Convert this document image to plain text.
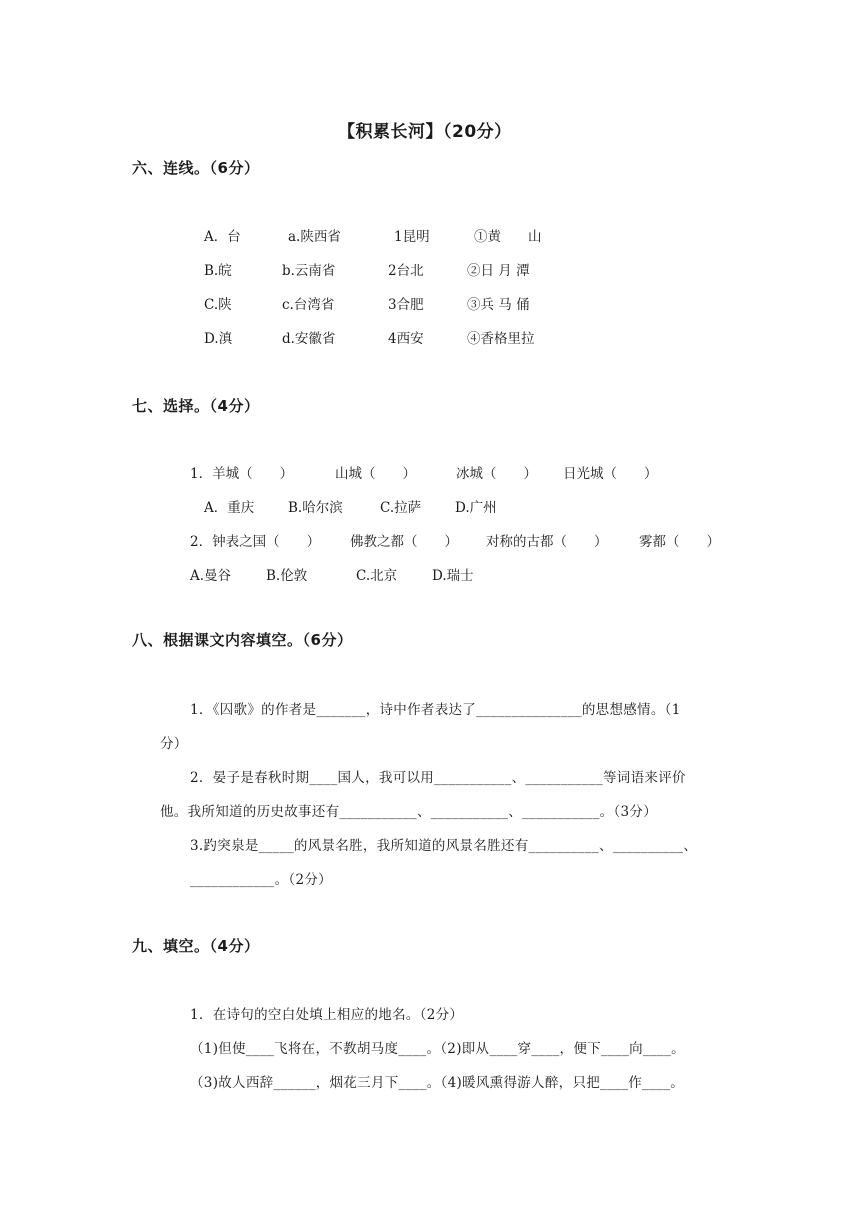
【积累长河】（20分）
六、连线。（6分）
A．台	a.陕西省	1昆明	①黄　　山
B.皖	b.云南省	2台北	②日 月 潭
C.陕	c.台湾省	3合肥	③兵 马 俑
D.滇	d.安徽省	4西安	④香格里拉
七、选择。（4分）
1．羊城（　　）	山城（　　）	冰城（　　） 日光城（　　）
A．重庆	B.哈尔滨	C.拉萨	D.广州
2．钟表之国（　　） 佛教之都（　　） 对称的古都（　　） 雾都（　　）
A.曼谷	B.伦敦	C.北京	D.瑞士
八、根据课文内容填空。（6分）
1．《囚歌》的作者是_______，诗中作者表达了_______________的思想感情。（1
分）
2．晏子是春秋时期____国人，我可以用___________、___________等词语来评价
他。我所知道的历史故事还有___________、___________、___________。（3分）
3.趵突泉是_____的风景名胜，我所知道的风景名胜还有__________、__________、
____________。（2分）
九、填空。（4分）
1．在诗句的空白处填上相应的地名。（2分）
（1)但使____飞将在，不教胡马度____。（2)即从____穿____，便下____向____。
（3)故人西辞______，烟花三月下____。（4)暖风熏得游人醉，只把____作____。
